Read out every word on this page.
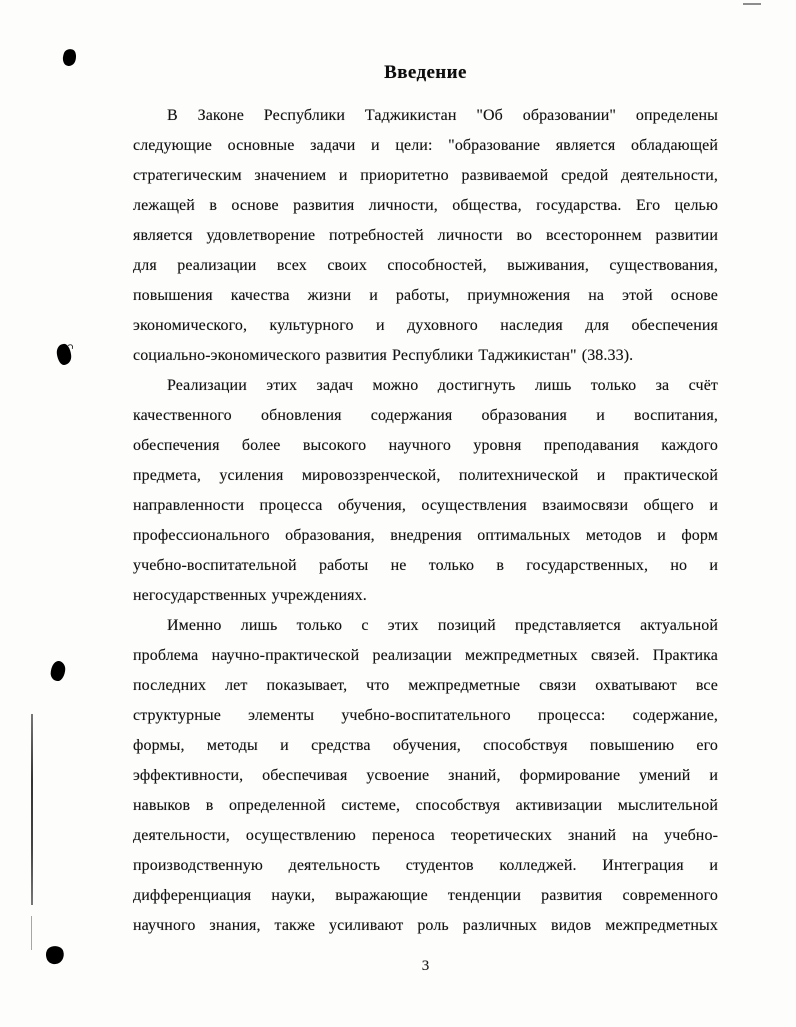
Введение
В Законе Республики Таджикистан "Об образовании" определены
следующие основные задачи и цели: "образование является обладающей
стратегическим значением и приоритетно развиваемой средой деятельности,
лежащей в основе развития личности, общества, государства. Его целью
является удовлетворение потребностей личности во всестороннем развитии
для реализации всех своих способностей, выживания, существования,
повышения качества жизни и работы, приумножения на этой основе
экономического, культурного и духовного наследия для обеспечения
социально-экономического развития Республики Таджикистан" (38.33).
Реализации этих задач можно достигнуть лишь только за счёт
качественного обновления содержания образования и воспитания,
обеспечения более высокого научного уровня преподавания каждого
предмета, усиления мировоззренческой, политехнической и практической
направленности процесса обучения, осуществления взаимосвязи общего и
профессионального образования, внедрения оптимальных методов и форм
учебно-воспитательной работы не только в государственных, но и
негосударственных учреждениях.
Именно лишь только с этих позиций представляется актуальной
проблема научно-практической реализации межпредметных связей. Практика
последних лет показывает, что межпредметные связи охватывают все
структурные элементы учебно-воспитательного процесса: содержание,
формы, методы и средства обучения, способствуя повышению его
эффективности, обеспечивая усвоение знаний, формирование умений и
навыков в определенной системе, способствуя активизации мыслительной
деятельности, осуществлению переноса теоретических знаний на учебно-
производственную деятельность студентов колледжей. Интеграция и
дифференциация науки, выражающие тенденции развития современного
научного знания, также усиливают роль различных видов межпредметных
3
